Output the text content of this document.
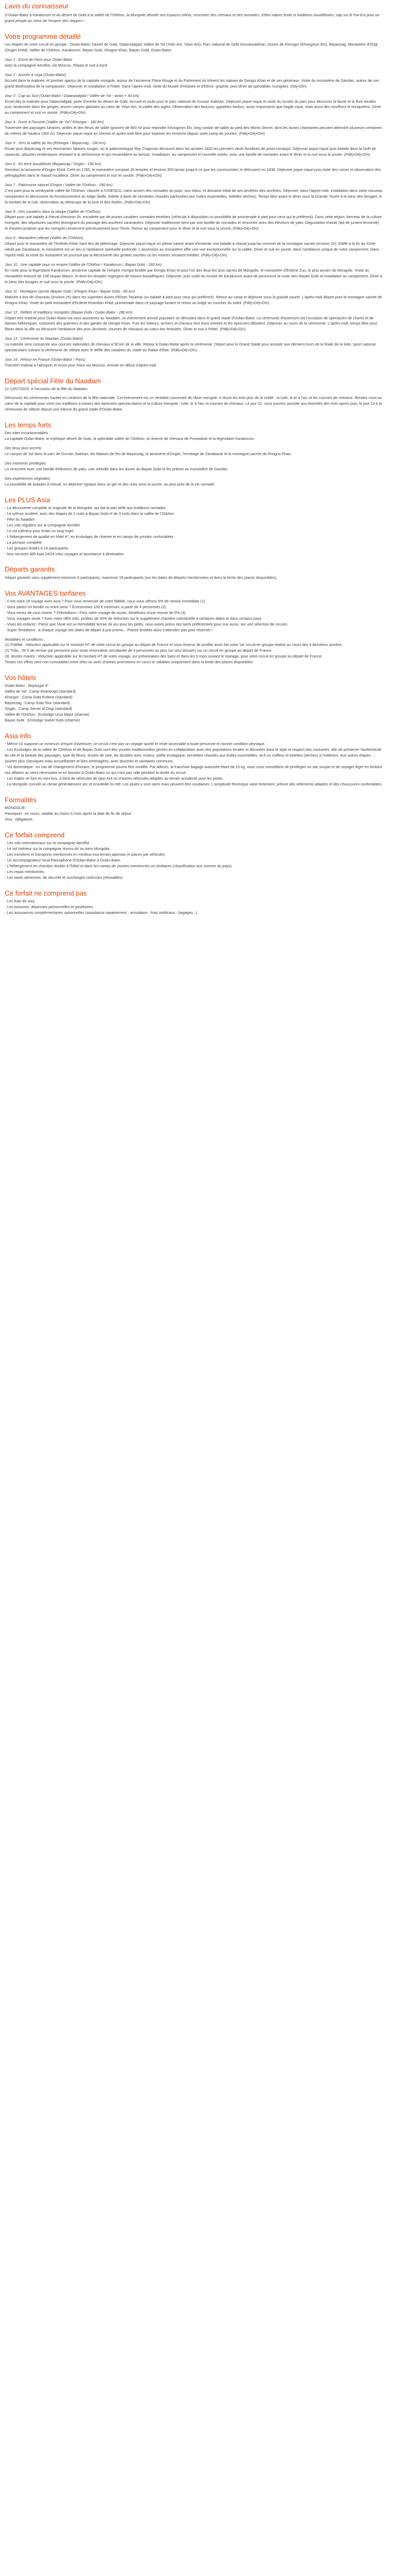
Lavis du connaisseur

D'Oulan-Bator à Karakorum et du désert de Gobi à la vallée de l'Orkhon, la Mongolie dévoile ses espaces infinis, rencontre des chevaux et des nomades, d'être nature brute et traditions bouddhistes, cap sur le Far-Est pour un grand périple au cœur de l'empire des steppes !

Votre programme détaillé

Les étapes de votre circuit en groupe : Oulan-Bator, Désert de Gobi, Dalanzadgad, Vallée de Yol (Yolin Am, Yolyn Am), Parc national de Gobi Gurvansaikhan, Dunes de Khongor (Khongoryn Els), Bayanzag, Monastère d'Ongi (Ongiin Khiid), Vallée de l'Orkhon, Karakorum, Bayan Gobi, Khogno Khan, Bayan Gobi, Oulan-Bator

Jour 1 : Envol de Paris pour Oulan-Bator

avec la compagnie Aeroflot, via Moscou. Repas et nuit à bord.

Jour 2 : Arrivée à Urga (Oulan-Bator)

Accueil dans la matinée, et premier aperçu de la capitale mongole, autour de l'ancienne Place Rouge et du Parlement où trônent les statues de Gengis Khan et de ses généraux. Visite du monastère de Gandan, autour de son grand Bodhisattva de la compassion. Déjeuner et installation à l'hôtel. Dans l'après-midi, visite du Musée d'Histoire et d'Ethno- graphie, puis dîner de spécialités mongoles. (Dej+Dîn)

Jour 3 : Cap au Sud (Oulan-Bator / Dalanzadgad / Vallée de Yol - avion + 90 km)

Envol dès la matinée pour Dalanzadgad, porte d'entrée du désert de Gobi. Accueil et route pour le parc national de Gurvan Saikhan. Déjeuner pique-nique et visite du musée du parc pour découvrir la faune et la flore locales puis randonnée dans les gorges, ancien canyon glaciaire au cœur de Yolyn Am, la vallée des aigles. Observation des faucons, gypaètes barbus, aussi impossants que fragile royal, mais aussi des mouflons et bouquetins. Dîner au campement et nuit en yourte. (Pdéj+Déj+Dîn)

Jour 4 : Dune à l'horizon (Vallée de Yol / Khongor - 180 km)

Traversée des paysages lunaires, arides et des fleurs de sable (gravier) de 800 m/ pour rejoindre Khongoryn Els, long cordon de sable au pied des Monts Sevrei, dont les dunes chantantes peuvent atteindre plusieurs centaines de mètres de hauteur (300 m). Déjeuner pique-nique en chemin et après-midi libre pour explorer les environs depuis votre camp de yourtes. (Pdéj+Déj+Dîn)

Jour 5 : Vers la vallée du feu (Khongor / Bayanzag - 180 km)

Route pour Bayanzag et ses étonnantes falaises rouges, où le paléontologue Roy Chapman découvrit dans les années 1920 les premiers œufs fossilisés de proto-ceratops. Déjeuner pique-nique puis balade dans la forêt de saxaouls, arbustes endémiques résistant à la sécheresse et qui ressemblent au bonsaï. Installation, au campement et nouvelle soirée, avec une famille de nomades avant le dîner et la nuit sous la yourte. (Pdéj+Déj+Dîn)

Jour 6 : En terre bouddhiste (Bayanzag / Ongiin - 150 km)

Direction la lamaserie d'Ongiin Khiid. Créé en 1760, le monastère comptait 25 temples et environ 300 lamas jusqu'à ce que les communistes le détruisent en 1938. Déjeuner pique-nique puis visite des ruines et observation des pétroglyphes dans le massif rocailleux. Dîner au campement et nuit en yourte. (Pdéj+Déj+Dîn)

Jour 7 : Patrimoine naturel (Ongiin / Vallée de l'Orkhon - 290 km)

C'est parti pour la verdoyante vallée de l'Orkhon, classée à l'UNESCO, cœur ancien des nomades du pays, aux tribus, et domaine tribal de ses ancêtres des ancêtres. Déjeuner, dans l'après-midi, installation dans votre nouveau campement et découverte du fonctionnement du lodge (belle, toilette à base de serviettes chaudes parfumées aux huiles essentielles, toilettes sèches). Temps libre avant le dîner sous la Grande Yourte à la lueur des bougies. A la tombée de la nuit, observation au télescope de la lune et des étoiles. (Pdéj+Déj+Dîn)

Jour 8 : Des cavaliers dans la steppe (Vallée de l'Orkhon)

Départ pour une balade à cheval d'environ 2h, encadrée par de jeunes cavaliers nomades émérites (véhicule à disposition ou possibilité de promenade à pied pour ceux qui le préfèrent). Dans cette région, berceau de la culture mongole, des sépultures sacrées témoignent du passage des ancêtres caravaniers. Déjeuner traditionnel servi par une famille de nomades et rencontre avec des éleveurs de yaks. Dégustation d'airak (lait de jument fermenté) et d'autres produits que les mongols conservent précieusement pour l'hiver. Retour au campement pour le dîner et la nuit sous la yourte. (Pdéj+Déj+Dîn)

Jour 9 : Monastère céleste (Vallée de l'Orkhon)

Départ pour le monastère de Tövkhön Khiid, haut lieu de pèlerinage. Déjeuner pique-nique en pleine nature avant d'entamer une balade à cheval jusqu'au sommet de la montagne sacrée (environ 1h). Edifié à la fin du XVIIe siècle par Zanabazar, le monastère est un lieu à l'ambiance spirituelle profonde. L'ascension au monastère offre une vue exceptionnelle sur la vallée. Dîner et nuit en yourte, dans l'ambiance unique de notre campement. Dans l'après-midi, la visite du monastère se poursuit par la découverte des grottes sacrées où les moines venaient méditer. (Pdéj+Déj+Dîn)

Jour 10 : Une capitale pour un empire (Vallée de l'Orkhon / Karakorum / Bayan Gobi - 180 km)

En route pour la légendaire Karakorum, ancienne capitale de l'empire mongol fondée par Gengis Khan et pour l'un des lieux les plus sacrés de Mongolie, le monastère d'Erdene Zuu, le plus ancien de Mongolie. Visite du monastère entouré de 108 stupas blancs, et dont les temples regorgent de trésors bouddhiques. Déjeuner, puis visite du musée de Karakorum avant de poursuivre la route vers Bayan Gobi et installation au campement. Dîner à la lueur des bougies et nuit sous la yourte. (Pdéj+Déj+Dîn)

Jour 11 : Montagne sacrée (Bayan Gobi / Khogno Khan / Bayan Gobi - 60 km)

Matinée à dos de chameau (environ 2h) dans les superbes dunes d'Elsen Tasarhai (ou balade à pied pour ceux qui préfèrent). Retour au camp et déjeuner sous la grande yourte. L'après-midi départ pour la montagne sacrée de Khogno Khan. Visite du petit monastère d'Erdene Khambiin Khiid, promenade dans ce paysage lunaire et retour au lodge au coucher du soleil. (Pdéj+Déj+Dîn)

Jour 12 : Reflets et traditions mongoles (Bayan Gobi / Oulan-Bator - 280 km)

Départ très matinal pour Oulan-Bator via vous assisterez au Naadam, un événement annuel populaire se déroulant dans le grand stade d'Oulan-Bator. La cérémonie d'ouverture est l'occasion de spectacles de chants et de danses folkloriques, costumes des guerriers et des gardes de Gengis Khan. Puis les lutteurs, archers et chevaux font leurs entrées et les épreuves débutent. Déjeuner au cours de la cérémonie. L'après-midi, temps libre pour flâner dans la ville ou découvrir l'ambiance des jeux (archerie, courses de chevaux) au cœur des festivités. Dîner et nuit à l'hôtel. (Pdéj+Déj+Dîn)

Jour 13 : Cérémonie du Naadam (Oulan-Bator)

La matinée sera consacrée aux courses nationales de chevaux à 50 km de la ville. Retour à Oulan-Bator après la cérémonie. Départ pour le Grand Stade pour assister aux derniers tours de la finale de la lutte, sport national spectaculaire suivant la cérémonie de clôture avec le défilé des cavaliers du stade au Palais d'Etat. (Pdéj+Déj+Dîn)

Jour 14 : Retour en France (Oulan-Bator / Paris)

Transfert matinal à l'aéroport et envol pour Paris via Moscou. Arrivée en début d'après-midi.

Départ spécial Fête du Naadam

Le 13/07/2019, à l'occasion de la fête du Naadam

Découvrez les cérémonies hautes en couleurs de la fête nationale. Cet événement est un véritable concentré de l'âme mongole. Il réunit les trois jeux de la virilité : la lutte, le tir à l'arc et les courses de chevaux. Rendez-vous au cœur de la capitale pour vivre ces traditions à travers des épreuves spectaculaires et la culture mongole : lutte, tir à l'arc et courses de chevaux. Le jour 12, vous pourrez assister aux festivités des trois sports puis, le jour 13 à la cérémonie de clôture depuis une tribune du grand stade d'Oulan-Bator.

Les temps forts

Des sites incontournables

La capitale Oulan-Bator, le mythique désert de Gobi, la splendide vallée de l'Orkhon, la réserve de chevaux de Przewalski et la légendaire Karakorum.

Des lieux plus secrets

Le canyon de Yol dans le parc de Gurvan Saikhan, les falaises de feu de Bayanzag, la lamaserie d'Ongiin, l'ermitage de Zanabazar et la montagne sacrée de Khogno Khan.

Des moments privilégiés

La rencontre avec une famille d'éleveurs de yaks, une mélodie dans les dunes du Bayan Gobi et les prières au monastère de Gandan.

Des expériences originales

La possibilité de balades à cheval, un déjeuner typique dans un ger et des nuits sous la yourte, au plus près de la vie nomade.

Les PLUS Asia

- La découverte complète et originale de la Mongolie, qui fait la part belle aux traditions nomades

- Le rythme modéré, avec des étapes de 2 nuits à Bayan Gobi et de 3 nuits dans la vallée de l'Orkhon

- Fête du Naadam

- Les vols réguliers sur la compagnie Aeroflot

- Le vol intérieur pour éviter un long trajet

- L'hébergement de qualité en hôtel 4*, en écolodges de charme et en camps de yourtes confortables

- La pension complète

- Les groupes limités à 18 participants

- Nos services Allô Asia 24/24 infos voyages et assistance à destination

Départs garantis

Départ garantis sans supplément minimum 6 participants, maximum 18 participants (sur les dates de départs mentionnées et dans la limite des places disponibles).

Vos AVANTAGES tarifaires

- C'est votre 2e voyage avec Asia ? Pour vous remercier de votre fidélité, nous vous offrons 5% de remise immédiate (1).

- Vous partez en famille ou entre amis ? Économisez 100 € minimum, à partir de 4 personnes (2).

- Vous venez de vous marier ? Félicitations ! Pour votre voyage de noces, bénéficiez d'une remise de 5% (3).

- Vous voyagez seule ? Avec notre offre solo, profitez de 50% de réduction sur le supplément chambre individuelle à certaines dates et dans certains pays.

- Vivez les enfants ! Parce que l'Asie est un formidable terrain de jeu pour les petits, nous avons prévu des tarifs préférentiels pour eux aussi, sur une sélection de circuits.

- Super Tentations : à chaque voyage ses dates de départ à prix promo... Places limitées alors n'attendez pas pour réserver !

Modalités et conditions :

(1) Fidélité : réduction applicable sur le montant HT de votre circuit en groupe au départ de France et sous réserve de justifier avoir fait votre 1er circuit en groupe réalisé au cours des 6 dernières années.

(2) Tribu : 50 € de remise par personne pour toute réservation simultanée de 4 personnes au plus (un seul dossier) sur un circuit en groupe au départ de France.

(3) Jeunes mariés : réduction applicable sur le montant HT de votre voyage, sur présentation des bans et dans les 6 mois suivant le mariage, pour votre circuit en groupe au départ de France.

Toutes ces offres sont non-cumulables entre elles ou avec d'autres promotions en cours et valables uniquement dans la limite des places disponibles.

Vos hôtels

Oulan-Bator : Bayangol 4*

Vallée de Yol : Camp Khanbogd (standard)

Khongor : Camp Gobi Erdene (standard)

Bayanzag : Camp Gobi Tour (standard)

Ongiin : Camp Secret of Ongi (standard)

Vallée de l'Orkhon : Ecolodge Ursa Major (charme)

Bayan Gobi : Ecolodge Sweet Gobi (charme)

Asia info

- Même s'il suppose un minimum d'esprit d'aventure, ce circuit n'est pas un voyage sportif et reste accessible à toute personne en bonne condition physique.

- Les Ecolodges de la vallée de l'Orkhon et de Bayan Gobi sont des yourtes traditionnelles gérées en collaboration avec des populations locales et décorées dans le style et respect des coutumes, afin de préserver l'authenticité du site et la beauté des paysages, type de fleurs, duvets de soie, lits doubles avec moteur, poêle écologique, serviettes chaudes aux huiles essentielles, wi-fi ou coiffeur et toilettes (sèches) à l'extérieur. Aux autres étapes : yourtes plus classiques mais accueillantes et bien aménagées, avec douches et sanitaires communs.

- Vol domestique : en cas de changement d'horaire, le programme pourra être modifié. Par ailleurs, la franchise bagage autorisée étant de 15 kg, nous vous conseillons de privilégier un sac souple et de voyager léger en limitant vos affaires au strict nécessaire et en laissant à Oulan-Bator ce qui n'est pas utile pendant la durée du circuit.

- Les trajets se font en mini-bus, à bord de véhicules de type 4x4 ou d'autres véhicules adaptés au terrain accidenté pour les pistes.

- La Mongolie connaît un climat généralement sec et ensoleillé en été. Les pluies y sont rares mais peuvent être soudaines. L'amplitude thermique varie fortement, prévoir des vêtements adaptés et des chaussures confortables.

Formalités

MONGOLIE :

Passeport : en cours, valable au moins 6 mois après la date de fin de séjour.

Visa : obligatoire.

Ce forfait comprend

- Les vols internationaux sur la compagnie Aeroflot.

- Le vol intérieur sur la compagnie Hunnu Air ou Aero Mongolia.

- Les transferts et transports mentionnés en minibus tout terrain japonais (4 places par véhicule).

- Un accompagnateur local francophone d'Oulan-Bator à Oulan-Bator.

- L'hébergement en chambre double à l'hôtel et dans les camps de yourtes mentionnés ou similaires (classification aux normes du pays).

- Les repas mentionnés.

- Les taxes aériennes, de sécurité et surcharges carburant (révisables).

Ce forfait ne comprend pas

- Les frais de visa.

- Les boissons, dépenses personnelles et pourboires.

- Les assurances complémentaires optionnelles (assistance-rapatriement - annulation - frais médicaux - bagages...).
